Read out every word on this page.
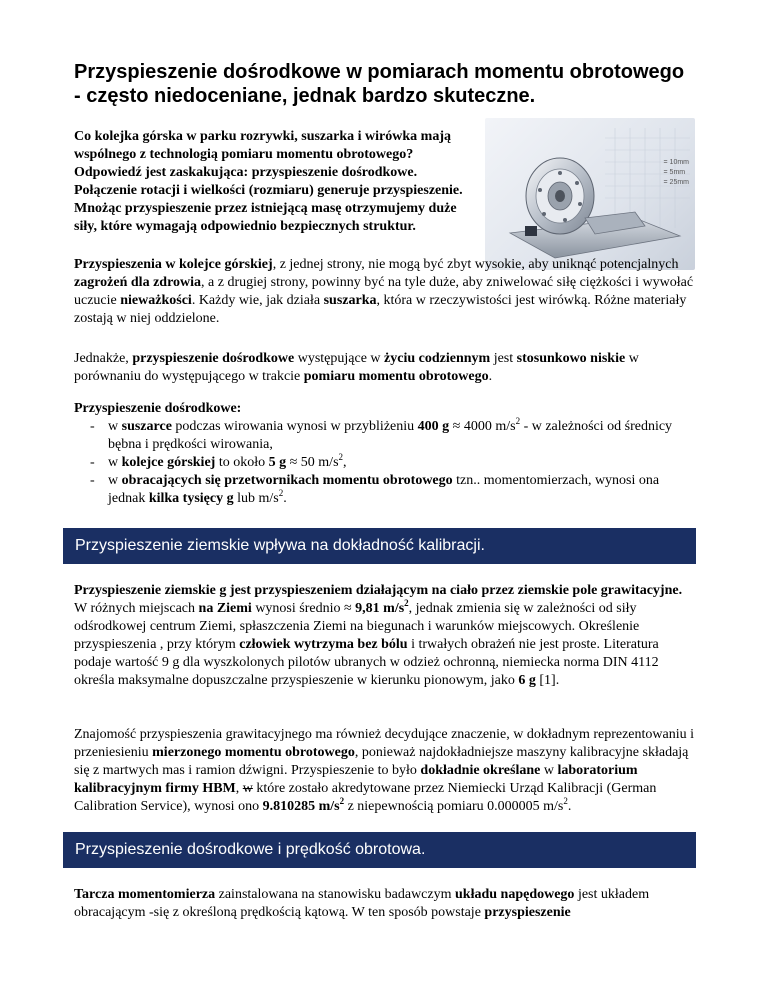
Przyspieszenie dośrodkowe w pomiarach momentu obrotowego
- często niedoceniane, jednak bardzo skuteczne.

Co kolejka górska w parku rozrywki, suszarka i wirówka mają wspólnego z technologią pomiaru momentu obrotowego? Odpowiedź jest zaskakująca: przyspieszenie dośrodkowe. Połączenie rotacji i wielkości (rozmiaru) generuje przyspieszenie. Mnożąc przyspieszenie przez istniejącą masę otrzymujemy duże siły, które wymagają odpowiednio bezpiecznych struktur.

= 10mm
= 5mm
= 25mm

Przyspieszenia w kolejce górskiej, z jednej strony, nie mogą być zbyt wysokie, aby uniknąć potencjalnych zagrożeń dla zdrowia, a z drugiej strony, powinny być na tyle duże, aby zniwelować siłę ciężkości i wywołać uczucie nieważkości. Każdy wie, jak działa suszarka, która w rzeczywistości jest wirówką. Różne materiały zostają w niej oddzielone.

Jednakże, przyspieszenie dośrodkowe występujące w życiu codziennym jest stosunkowo niskie w porównaniu do występującego w trakcie pomiaru momentu obrotowego.

Przyspieszenie dośrodkowe:
- w suszarce podczas wirowania wynosi w przybliżeniu 400 g ≈ 4000 $m/s^2$ - w zależności od średnicy bębna i prędkości wirowania,
- w kolejce górskiej to około 5 g ≈ 50 $m/s^2$,
- w obracających się przetwornikach momentu obrotowego tzn.. momentomierzach, wynosi ona jednak kilka tysięcy g lub $m/s^2$.
Przyspieszenie ziemskie wpływa na dokładność kalibracji.

Przyspieszenie ziemskie g jest przyspieszeniem działającym na ciało przez ziemskie pole grawitacyjne. W różnych miejscach na Ziemi wynosi średnio ≈ 9,81 $m/s^2$, jednak zmienia się w zależności od siły odśrodkowej centrum Ziemi, spłaszczenia Ziemi na biegunach i warunków miejscowych. Określenie przyspieszenia , przy którym człowiek wytrzyma bez bólu i trwałych obrażeń nie jest proste. Literatura podaje wartość 9 g dla wyszkolonych pilotów ubranych w odzież ochronną, niemiecka norma DIN 4112 określa maksymalne dopuszczalne przyspieszenie w kierunku pionowym, jako 6 g [1].

Znajomość przyspieszenia grawitacyjnego ma również decydujące znaczenie, w dokładnym reprezentowaniu i przeniesieniu mierzonego momentu obrotowego, ponieważ najdokładniejsze maszyny kalibracyjne składają się z martwych mas i ramion dźwigni. Przyspieszenie to było dokładnie określane w laboratorium kalibracyjnym firmy HBM, w które zostało akredytowane przez Niemiecki Urząd Kalibracji (German Calibration Service), wynosi ono 9.810285 $m/s^2$ z niepewnością pomiaru 0.000005 $m/s^2$.

Przyspieszenie dośrodkowe i prędkość obrotowa.

Tarcza momentomierza zainstalowana na stanowisku badawczym układu napędowego jest układem obracającym -się z określoną prędkością kątową. W ten sposób powstaje przyspieszenie
